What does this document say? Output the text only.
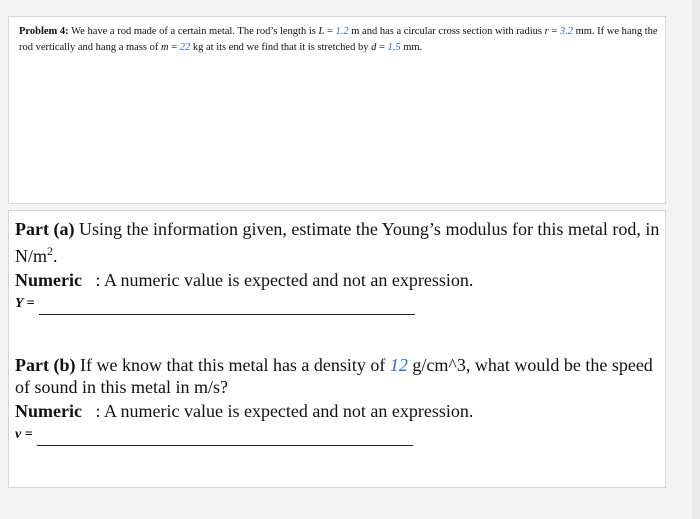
Problem 4: We have a rod made of a certain metal. The rod’s length is L = 1.2 m and has a circular cross section with radius r = 3.2 mm. If we hang the rod vertically and hang a mass of m = 22 kg at its end we find that it is stretched by d = 1.5 mm.
Part (a) Using the information given, estimate the Young’s modulus for this metal rod, in $N/m^2$.
Numeric   : A numeric value is expected and not an expression.
Y =
Part (b) If we know that this metal has a density of 12 g/cm^3, what would be the speed of sound in this metal in m/s?
Numeric   : A numeric value is expected and not an expression.
v =
